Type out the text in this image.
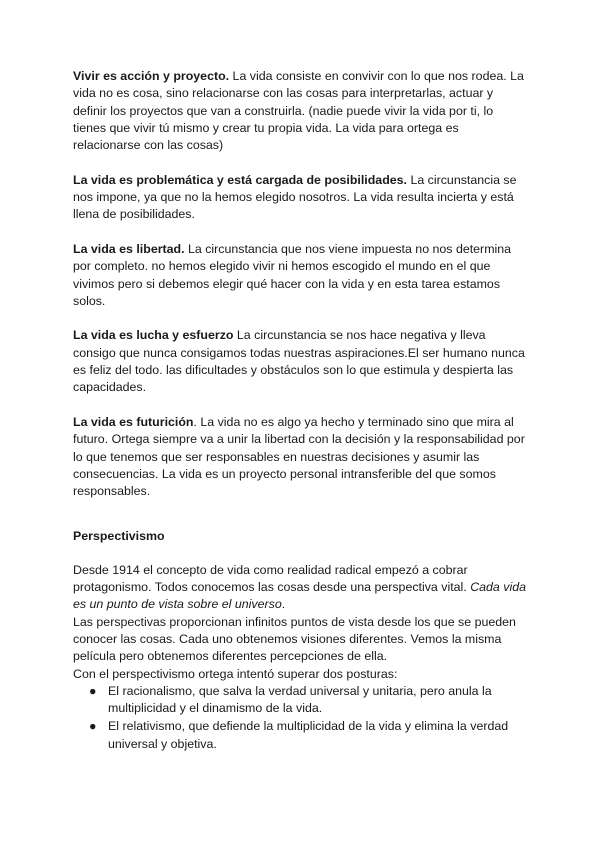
Vivir es acción y proyecto. La vida consiste en convivir con lo que nos rodea. La vida no es cosa, sino relacionarse con las cosas para interpretarlas, actuar y definir los proyectos que van a construirla. (nadie puede vivir la vida por ti, lo tienes que vivir tú mismo y crear tu propia vida. La vida para ortega es relacionarse con las cosas)

La vida es problemática y está cargada de posibilidades. La circunstancia se nos impone, ya que no la hemos elegido nosotros. La vida resulta incierta y está llena de posibilidades.

La vida es libertad. La circunstancia que nos viene impuesta no nos determina por completo. no hemos elegido vivir ni hemos escogido el mundo en el que vivimos pero si debemos elegir qué hacer con la vida y en esta tarea estamos solos.

La vida es lucha y esfuerzo La circunstancia se nos hace negativa y lleva consigo que nunca consigamos todas nuestras aspiraciones.El ser humano nunca es feliz del todo. las dificultades y obstáculos son lo que estimula y despierta las capacidades.

La vida es futurición. La vida no es algo ya hecho y terminado sino que mira al futuro. Ortega siempre va a unir la libertad con la decisión y la responsabilidad por lo que tenemos que ser responsables en nuestras decisiones y asumir las consecuencias. La vida es un proyecto personal intransferible del que somos responsables.

Perspectivismo

Desde 1914 el concepto de vida como realidad radical empezó a cobrar protagonismo. Todos conocemos las cosas desde una perspectiva vital. Cada vida es un punto de vista sobre el universo.

Las perspectivas proporcionan infinitos puntos de vista desde los que se pueden conocer las cosas. Cada uno obtenemos visiones diferentes. Vemos la misma película pero obtenemos diferentes percepciones de ella.

Con el perspectivismo ortega intentó superar dos posturas:

● El racionalismo, que salva la verdad universal y unitaria, pero anula la multiplicidad y el dinamismo de la vida.
● El relativismo, que defiende la multiplicidad de la vida y elimina la verdad universal y objetiva.
